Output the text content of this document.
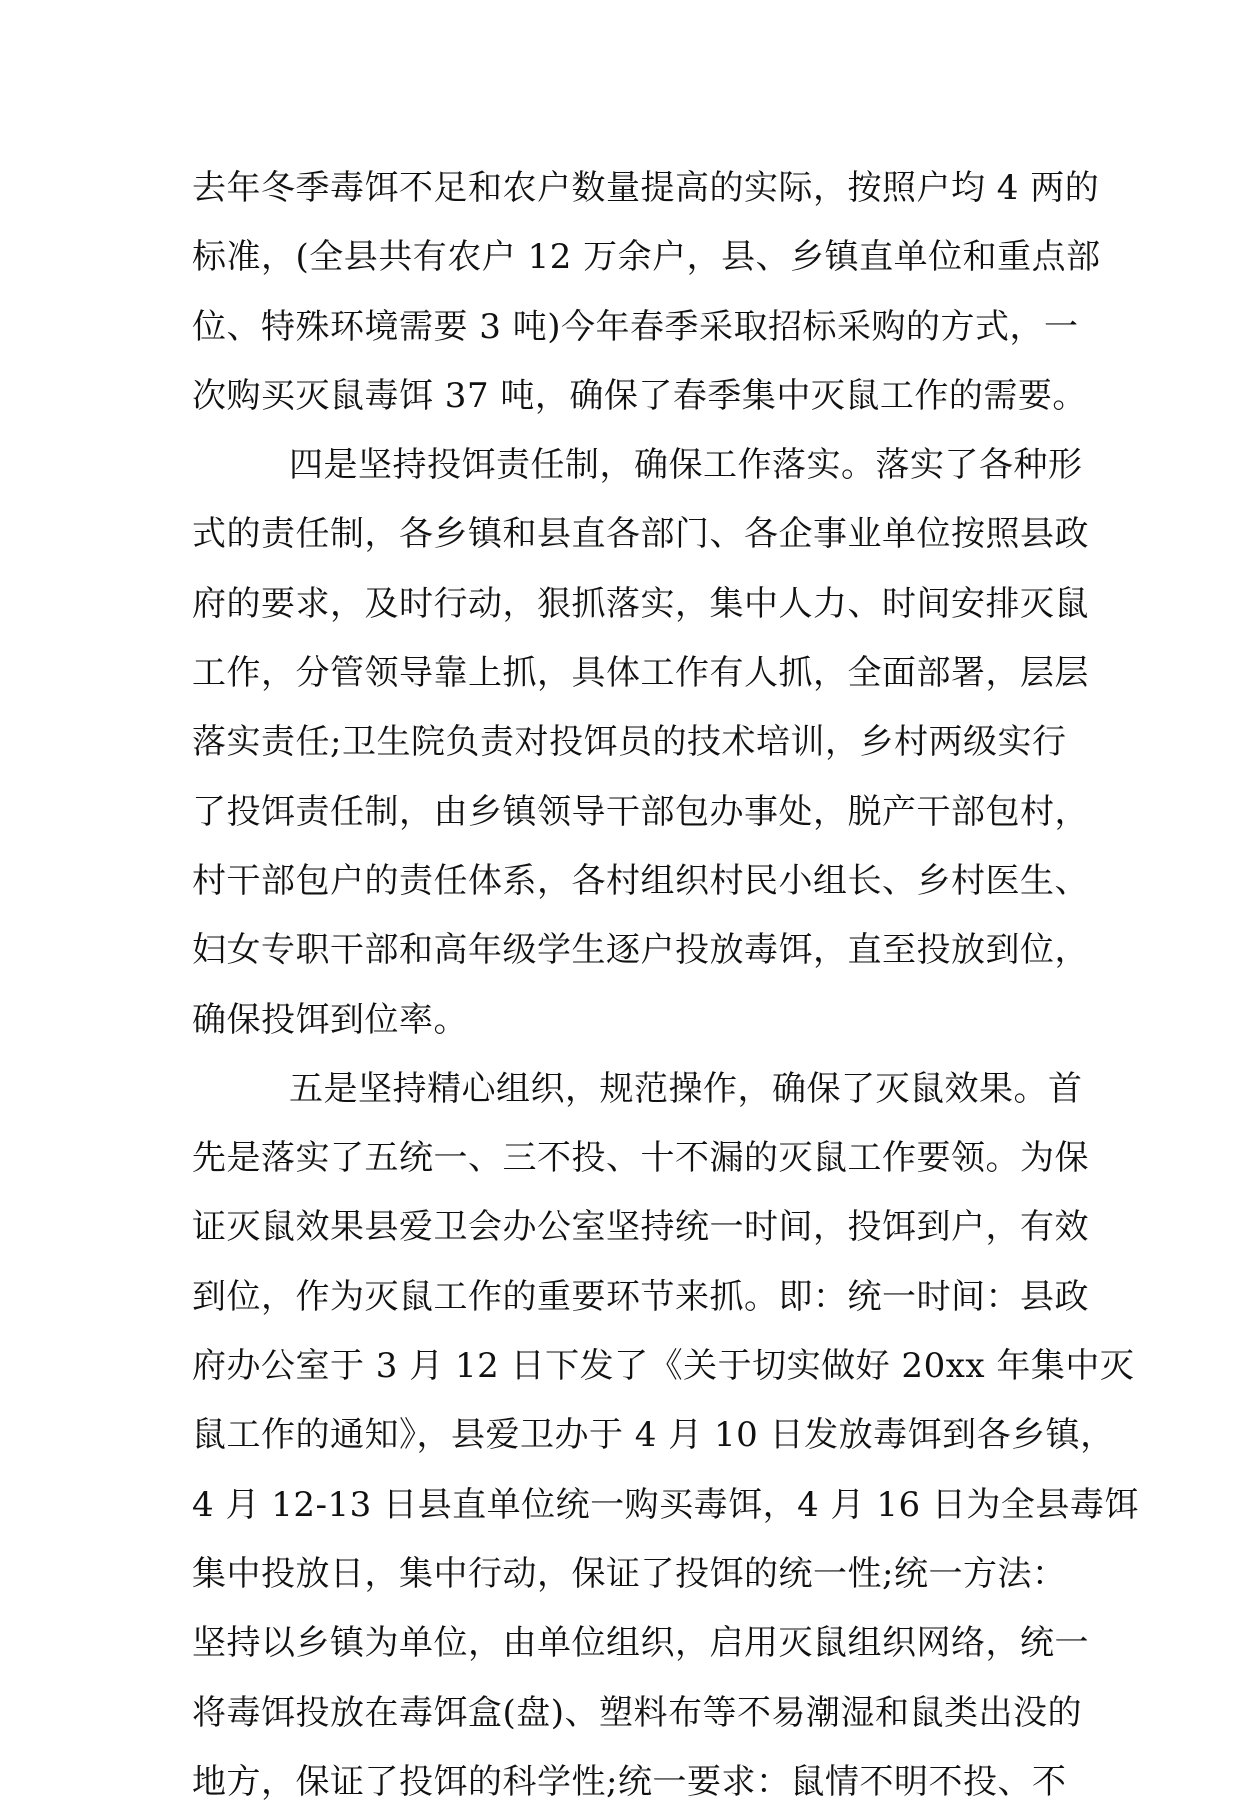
去年冬季毒饵不足和农户数量提高的实际，按照户均 4 两的
标准，(全县共有农户 12 万余户，县、乡镇直单位和重点部
位、特殊环境需要 3 吨)今年春季采取招标采购的方式，一
次购买灭鼠毒饵 37 吨，确保了春季集中灭鼠工作的需要。
四是坚持投饵责任制，确保工作落实。落实了各种形
式的责任制，各乡镇和县直各部门、各企事业单位按照县政
府的要求，及时行动，狠抓落实，集中人力、时间安排灭鼠
工作，分管领导靠上抓，具体工作有人抓，全面部署，层层
落实责任;卫生院负责对投饵员的技术培训，乡村两级实行
了投饵责任制，由乡镇领导干部包办事处，脱产干部包村，
村干部包户的责任体系，各村组织村民小组长、乡村医生、
妇女专职干部和高年级学生逐户投放毒饵，直至投放到位，
确保投饵到位率。
五是坚持精心组织，规范操作，确保了灭鼠效果。首
先是落实了五统一、三不投、十不漏的灭鼠工作要领。为保
证灭鼠效果县爱卫会办公室坚持统一时间，投饵到户，有效
到位，作为灭鼠工作的重要环节来抓。即：统一时间：县政
府办公室于 3 月 12 日下发了《关于切实做好 20xx 年集中灭
鼠工作的通知》，县爱卫办于 4 月 10 日发放毒饵到各乡镇，
4 月 12-13 日县直单位统一购买毒饵，4 月 16 日为全县毒饵
集中投放日，集中行动，保证了投饵的统一性;统一方法：
坚持以乡镇为单位，由单位组织，启用灭鼠组织网络，统一
将毒饵投放在毒饵盒(盘)、塑料布等不易潮湿和鼠类出没的
地方，保证了投饵的科学性;统一要求：鼠情不明不投、不
